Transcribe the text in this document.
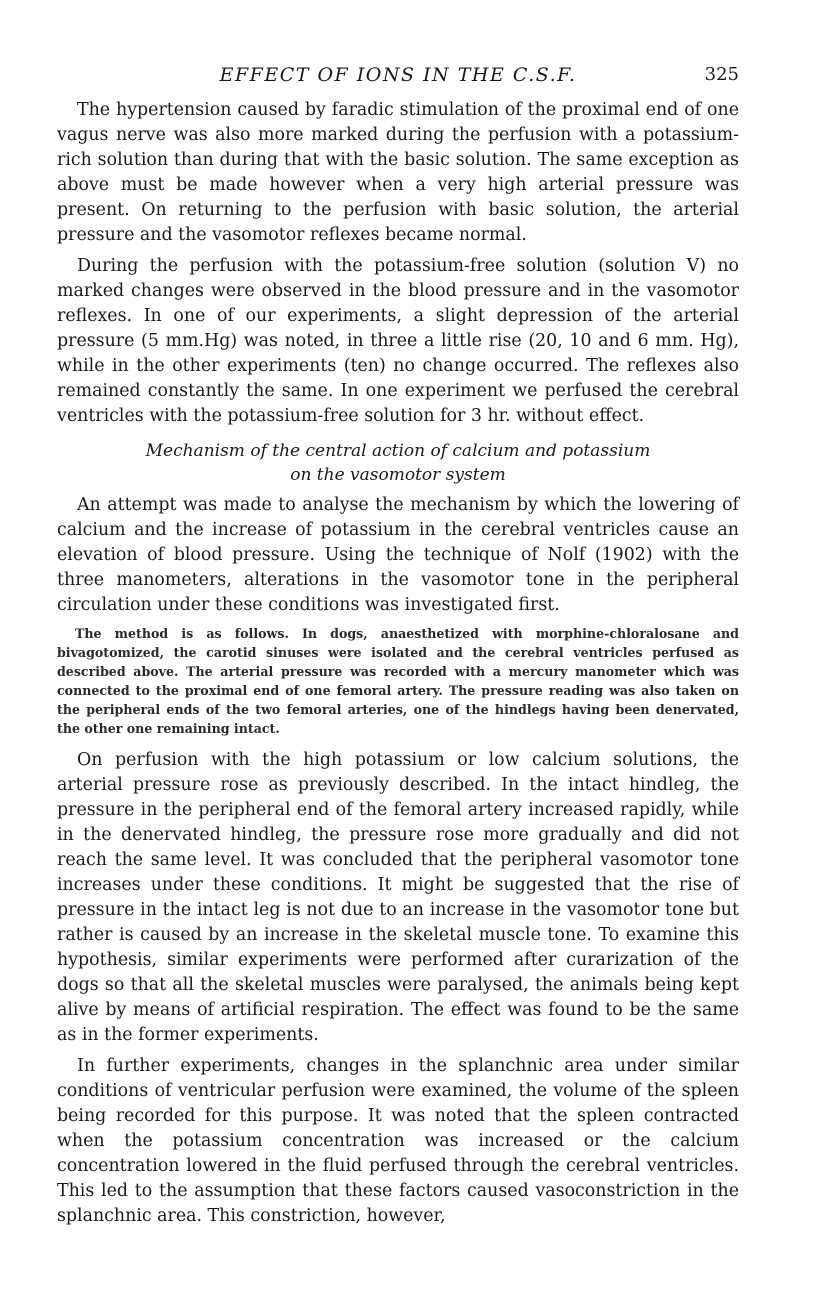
EFFECT OF IONS IN THE C.S.F.	325

The hypertension caused by faradic stimulation of the proximal end of one vagus nerve was also more marked during the perfusion with a potassium-rich solution than during that with the basic solution. The same exception as above must be made however when a very high arterial pressure was present. On returning to the perfusion with basic solution, the arterial pressure and the vasomotor reflexes became normal.

During the perfusion with the potassium-free solution (solution V) no marked changes were observed in the blood pressure and in the vasomotor reflexes. In one of our experiments, a slight depression of the arterial pressure (5 mm.Hg) was noted, in three a little rise (20, 10 and 6 mm. Hg), while in the other experiments (ten) no change occurred. The reflexes also remained constantly the same. In one experiment we perfused the cerebral ventricles with the potassium-free solution for 3 hr. without effect.

Mechanism of the central action of calcium and potassium
on the vasomotor system

An attempt was made to analyse the mechanism by which the lowering of calcium and the increase of potassium in the cerebral ventricles cause an elevation of blood pressure. Using the technique of Nolf (1902) with the three manometers, alterations in the vasomotor tone in the peripheral circulation under these conditions was investigated first.

The method is as follows. In dogs, anaesthetized with morphine-chloralosane and bivagotomized, the carotid sinuses were isolated and the cerebral ventricles perfused as described above. The arterial pressure was recorded with a mercury manometer which was connected to the proximal end of one femoral artery. The pressure reading was also taken on the peripheral ends of the two femoral arteries, one of the hindlegs having been denervated, the other one remaining intact.

On perfusion with the high potassium or low calcium solutions, the arterial pressure rose as previously described. In the intact hindleg, the pressure in the peripheral end of the femoral artery increased rapidly, while in the denervated hindleg, the pressure rose more gradually and did not reach the same level. It was concluded that the peripheral vasomotor tone increases under these conditions. It might be suggested that the rise of pressure in the intact leg is not due to an increase in the vasomotor tone but rather is caused by an increase in the skeletal muscle tone. To examine this hypothesis, similar experiments were performed after curarization of the dogs so that all the skeletal muscles were paralysed, the animals being kept alive by means of artificial respiration. The effect was found to be the same as in the former experiments.

In further experiments, changes in the splanchnic area under similar conditions of ventricular perfusion were examined, the volume of the spleen being recorded for this purpose. It was noted that the spleen contracted when the potassium concentration was increased or the calcium concentration lowered in the fluid perfused through the cerebral ventricles. This led to the assumption that these factors caused vasoconstriction in the splanchnic area. This constriction, however,
